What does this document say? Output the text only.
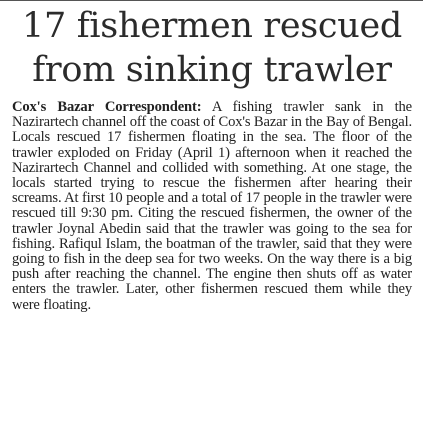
17 fishermen rescued
from sinking trawler

Cox's Bazar Correspondent: A fishing trawler sank in the Nazirartech channel off the coast of Cox's Bazar in the Bay of Bengal. Locals rescued 17 fishermen floating in the sea. The floor of the trawler exploded on Friday (April 1) afternoon when it reached the Nazirartech Channel and collided with something. At one stage, the locals started trying to rescue the fishermen after hearing their screams. At first 10 people and a total of 17 people in the trawler were rescued till 9:30 pm. Citing the rescued fishermen, the owner of the trawler Joynal Abedin said that the trawler was going to the sea for fishing. Rafiqul Islam, the boatman of the trawler, said that they were going to fish in the deep sea for two weeks. On the way there is a big push after reaching the channel. The engine then shuts off as water enters the trawler. Later, other fishermen rescued them while they were floating.
